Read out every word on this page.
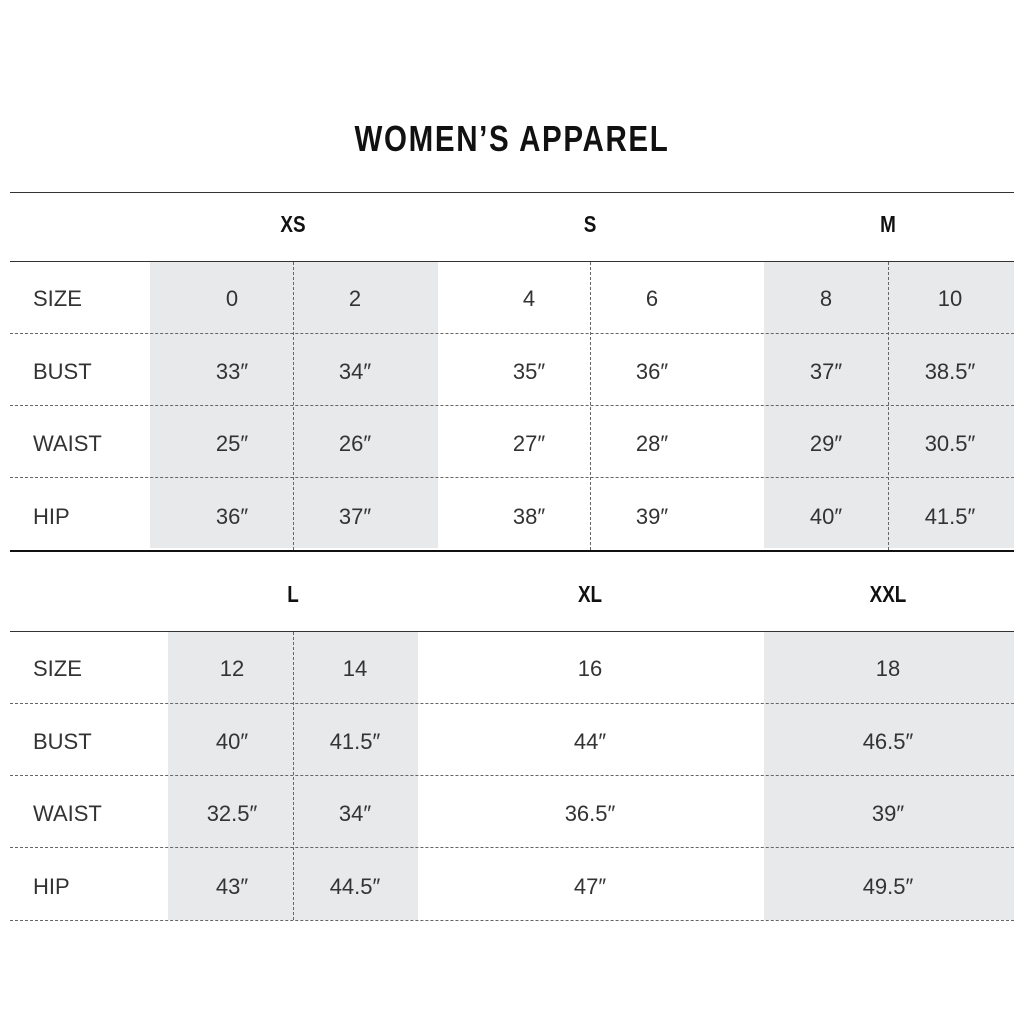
WOMEN’S APPAREL
XS	S	M
SIZE	0	2	4	6	8	10
BUST	33″	34″	35″	36″	37″	38.5″
WAIST	25″	26″	27″	28″	29″	30.5″
HIP	36″	37″	38″	39″	40″	41.5″
L	XL	XXL
SIZE	12	14	16	18
BUST	40″	41.5″	44″	46.5″
WAIST	32.5″	34″	36.5″	39″
HIP	43″	44.5″	47″	49.5″
